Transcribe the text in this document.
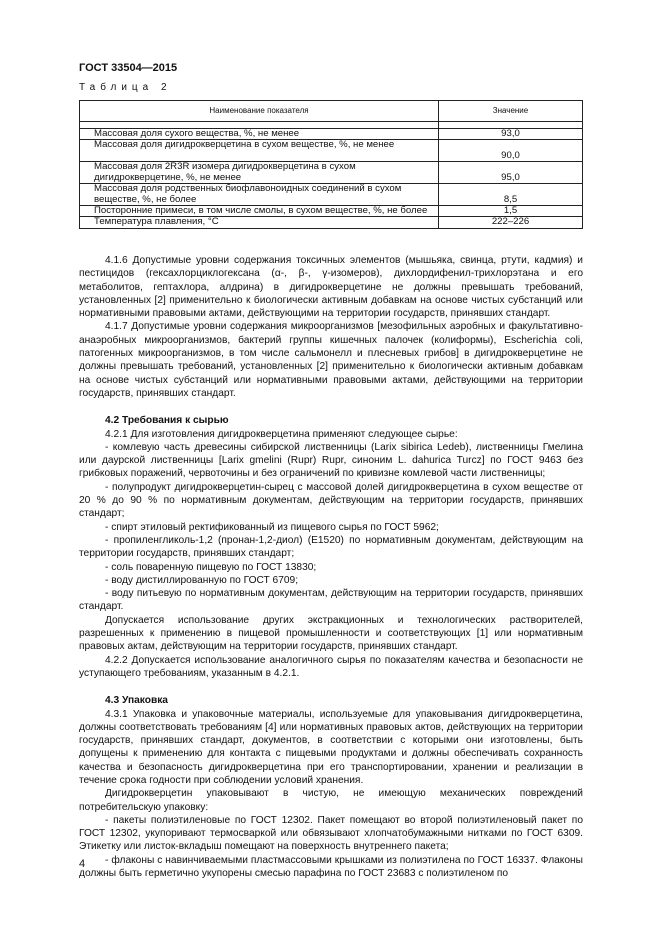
ГОСТ 33504—2015
Таблица 2
Наименование показателя	Значение

Массовая доля сухого вещества, %, не менее	93,0
Массовая доля дигидрокверцетина в сухом веществе, %, не менее	90,0
Массовая доля 2R3R изомера дигидрокверцетина в сухом дигидрокверцетине, %, не менее	95,0
Массовая доля родственных биофлавоноидных соединений в сухом веществе, %, не более	8,5
Посторонние примеси, в том числе смолы, в сухом веществе, %, не более	1,5
Температура плавления, °С	222–226

4.1.6 Допустимые уровни содержания токсичных элементов (мышьяка, свинца, ртути, кадмия) и пестицидов (гексахлорциклогексана (α-, β-, γ-изомеров), дихлордифенил-трихлорэтана и его метаболитов, гептахлора, алдрина) в дигидрокверцетине не должны превышать требований, установленных [2] применительно к биологически активным добавкам на основе чистых субстанций или нормативными правовыми актами, действующими на территории государств, принявших стандарт.

4.1.7 Допустимые уровни содержания микроорганизмов [мезофильных аэробных и факультативно-анаэробных микроорганизмов, бактерий группы кишечных палочек (колиформы), Escherichia coli, патогенных микроорганизмов, в том числе сальмонелл и плесневых грибов] в дигидрокверцетине не должны превышать требований, установленных [2] применительно к биологически активным добавкам на основе чистых субстанций или нормативными правовыми актами, действующими на территории государств, принявших стандарт.

4.2 Требования к сырью

4.2.1 Для изготовления дигидрокверцетина применяют следующее сырье:

- комлевую часть древесины сибирской лиственницы (Larix sibirica Ledeb), лиственницы Гмелина или даурской лиственницы [Larix gmelini (Rupr) Rupr, синоним L. dahurica Turcz] по ГОСТ 9463 без грибковых поражений, червоточины и без ограничений по кривизне комлевой части лиственницы;

- полупродукт дигидрокверцетин-сырец с массовой долей дигидрокверцетина в сухом веществе от 20 % до 90 % по нормативным документам, действующим на территории государств, принявших стандарт;

- спирт этиловый ректификованный из пищевого сырья по ГОСТ 5962;

- пропиленгликоль-1,2 (пронан-1,2-диол) (Е1520) по нормативным документам, действующим на территории государств, принявших стандарт;

- соль поваренную пищевую по ГОСТ 13830;

- воду дистиллированную по ГОСТ 6709;

- воду питьевую по нормативным документам, действующим на территории государств, принявших стандарт.

Допускается использование других экстракционных и технологических растворителей, разрешенных к применению в пищевой промышленности и соответствующих [1] или нормативным правовых актам, действующим на территории государств, принявших стандарт.

4.2.2 Допускается использование аналогичного сырья по показателям качества и безопасности не уступающего требованиям, указанным в 4.2.1.

4.3 Упаковка

4.3.1 Упаковка и упаковочные материалы, используемые для упаковывания дигидрокверцетина, должны соответствовать требованиям [4] или нормативных правовых актов, действующих на территории государств, принявших стандарт, документов, в соответствии с которыми они изготовлены, быть допущены к применению для контакта с пищевыми продуктами и должны обеспечивать сохранность качества и безопасность дигидрокверцетина при его транспортировании, хранении и реализации в течение срока годности при соблюдении условий хранения.

Дигидрокверцетин упаковывают в чистую, не имеющую механических повреждений потребительскую упаковку:

- пакеты полиэтиленовые по ГОСТ 12302. Пакет помещают во второй полиэтиленовый пакет по ГОСТ 12302, укупоривают термосваркой или обвязывают хлопчатобумажными нитками по ГОСТ 6309. Этикетку или листок-вкладыш помещают на поверхность внутреннего пакета;

- флаконы с навинчиваемыми пластмассовыми крышками из полиэтилена по ГОСТ 16337. Флаконы должны быть герметично укупорены смесью парафина по ГОСТ 23683 с полиэтиленом по

4
